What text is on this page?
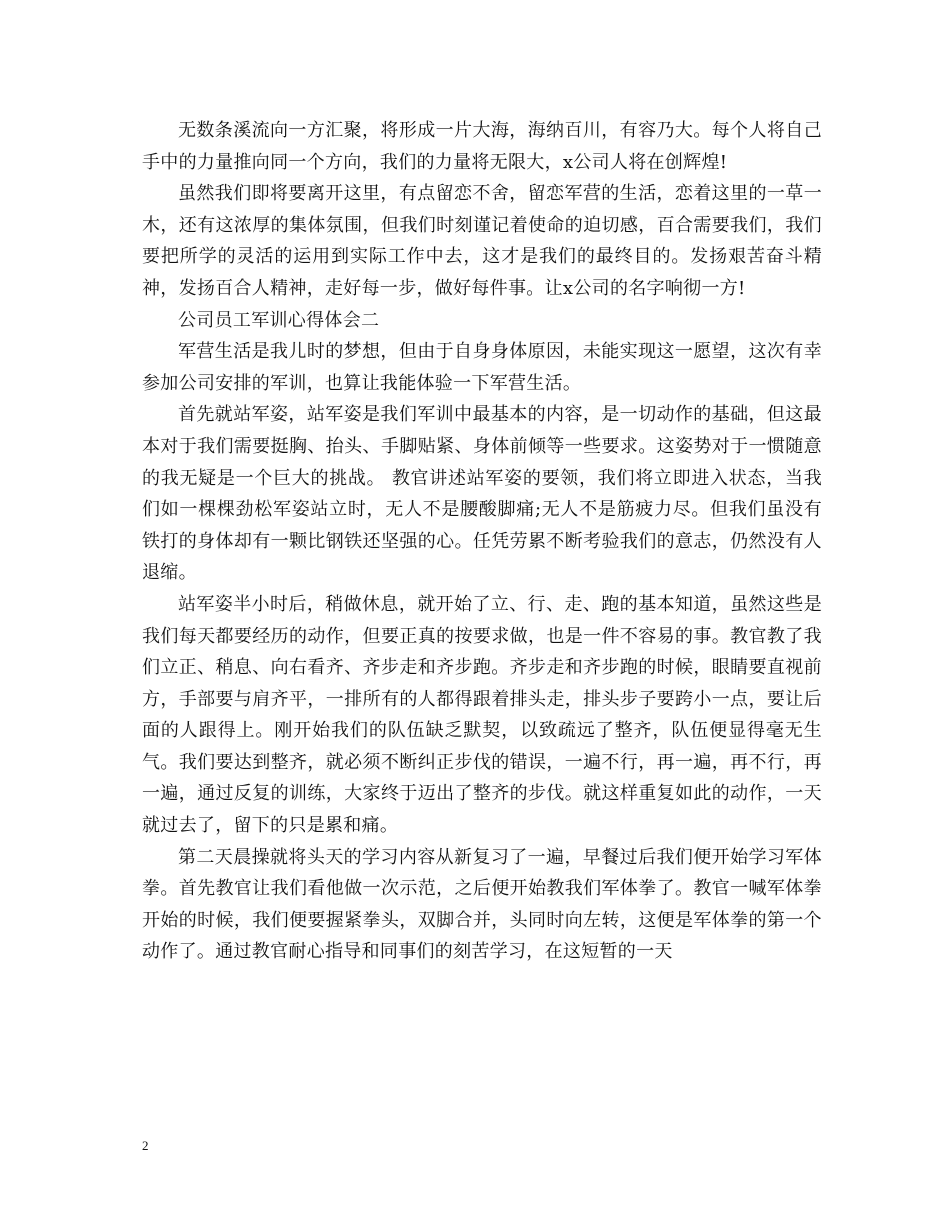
无数条溪流向一方汇聚，将形成一片大海，海纳百川，有容乃大。每个人将自己手中的力量推向同一个方向，我们的力量将无限大，x公司人将在创辉煌!

虽然我们即将要离开这里，有点留恋不舍，留恋军营的生活，恋着这里的一草一木，还有这浓厚的集体氛围，但我们时刻谨记着使命的迫切感，百合需要我们，我们要把所学的灵活的运用到实际工作中去，这才是我们的最终目的。发扬艰苦奋斗精神，发扬百合人精神，走好每一步，做好每件事。让x公司的名字响彻一方!

公司员工军训心得体会二

军营生活是我儿时的梦想，但由于自身身体原因，未能实现这一愿望，这次有幸参加公司安排的军训，也算让我能体验一下军营生活。

首先就站军姿，站军姿是我们军训中最基本的内容，是一切动作的基础，但这最本对于我们需要挺胸、抬头、手脚贴紧、身体前倾等一些要求。这姿势对于一惯随意的我无疑是一个巨大的挑战。 教官讲述站军姿的要领，我们将立即进入状态，当我们如一棵棵劲松军姿站立时，无人不是腰酸脚痛;无人不是筋疲力尽。但我们虽没有铁打的身体却有一颗比钢铁还坚强的心。任凭劳累不断考验我们的意志，仍然没有人退缩。

站军姿半小时后，稍做休息，就开始了立、行、走、跑的基本知道，虽然这些是我们每天都要经历的动作，但要正真的按要求做，也是一件不容易的事。教官教了我们立正、稍息、向右看齐、齐步走和齐步跑。齐步走和齐步跑的时候，眼睛要直视前方，手部要与肩齐平，一排所有的人都得跟着排头走，排头步子要跨小一点，要让后面的人跟得上。刚开始我们的队伍缺乏默契，以致疏远了整齐，队伍便显得毫无生气。我们要达到整齐，就必须不断纠正步伐的错误，一遍不行，再一遍，再不行，再一遍，通过反复的训练，大家终于迈出了整齐的步伐。就这样重复如此的动作，一天就过去了，留下的只是累和痛。

第二天晨操就将头天的学习内容从新复习了一遍，早餐过后我们便开始学习军体拳。首先教官让我们看他做一次示范，之后便开始教我们军体拳了。教官一喊军体拳开始的时候，我们便要握紧拳头，双脚合并，头同时向左转，这便是军体拳的第一个动作了。通过教官耐心指导和同事们的刻苦学习，在这短暂的一天

2
